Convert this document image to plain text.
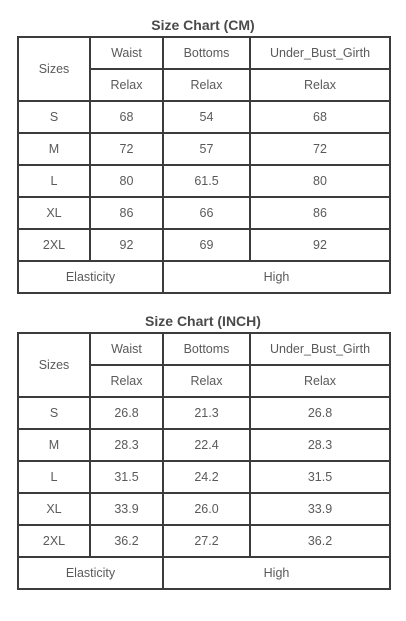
Size Chart (CM)
Sizes	Waist	Bottoms	Under_Bust_Girth
	Relax	Relax	Relax
S	68	54	68
M	72	57	72
L	80	61.5	80
XL	86	66	86
2XL	92	69	92
Elasticity		High	
Size Chart (INCH)
Sizes	Waist	Bottoms	Under_Bust_Girth
	Relax	Relax	Relax
S	26.8	21.3	26.8
M	28.3	22.4	28.3
L	31.5	24.2	31.5
XL	33.9	26.0	33.9
2XL	36.2	27.2	36.2
Elasticity		High	
